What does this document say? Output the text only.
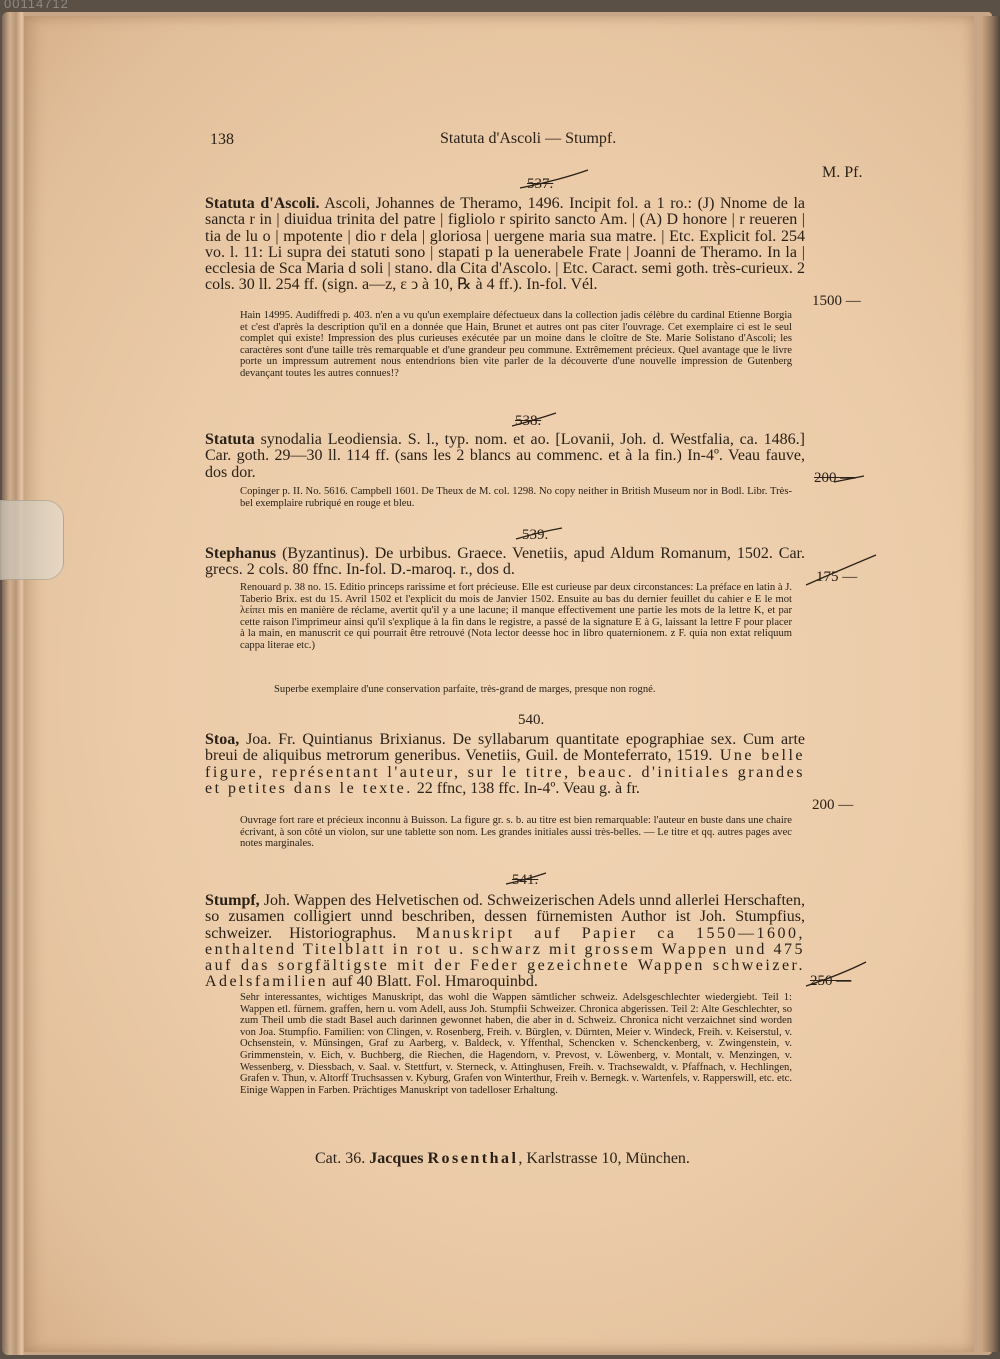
00114712
138	Statuta d'Ascoli — Stumpf.
M. Pf.
537.
Statuta d'Ascoli. Ascoli, Johannes de Theramo, 1496. Incipit fol. a 1 ro.: (J) Nnome de la sancta r in | diuidua trinita del patre | figliolo r spirito sancto Am. | (A) D honore | r reueren | tia de lu o | mpotente | dio r dela | gloriosa | uergene maria sua matre. | Etc. Explicit fol. 254 vo. l. 11: Li supra dei statuti sono | stapati p la uenerabele Frate | Joanni de Theramo. In la | ecclesia de Sca Maria d soli | stano. dla Cita d'Ascolo. | Etc. Caract. semi goth. très-curieux. 2 cols. 30 ll. 254 ff. (sign. a—z, ε ↄ à 10, ℞ à 4 ff.). In-fol. Vél.
Hain 14995. Audiffredi p. 403. n'en a vu qu'un exemplaire défectueux dans la collection jadis célèbre du cardinal Etienne Borgia et c'est d'après la description qu'il en a donnée que Hain, Brunet et autres ont pas citer l'ouvrage. Cet exemplaire ci est le seul complet qui existe! Impression des plus curieuses exécutée par un moine dans le cloître de Ste. Marie Solistano d'Ascoli; les caractères sont d'une taille très remarquable et d'une grandeur peu commune. Extrêmement précieux. Quel avantage que le livre porte un impressum autrement nous entendrions bien vite parler de la découverte d'une nouvelle impression de Gutenberg devançant toutes les autres connues!?
1500 —
538.
Statuta synodalia Leodiensia. S. l., typ. nom. et ao. [Lovanii, Joh. d. Westfalia, ca. 1486.] Car. goth. 29—30 ll. 114 ff. (sans les 2 blancs au commenc. et à la fin.) In-4º. Veau fauve, dos dor.
Copinger p. II. No. 5616. Campbell 1601. De Theux de M. col. 1298. No copy neither in British Museum nor in Bodl. Libr. Très-bel exemplaire rubriqué en rouge et bleu.
200 —
539.
Stephanus (Byzantinus). De urbibus. Graece. Venetiis, apud Aldum Romanum, 1502. Car. grecs. 2 cols. 80 ffnc. In-fol. D.-maroq. r., dos d.
Renouard p. 38 no. 15. Editio princeps rarissime et fort précieuse. Elle est curieuse par deux circonstances: La préface en latin à J. Taberio Brix. est du 15. Avril 1502 et l'explicit du mois de Janvier 1502. Ensuite au bas du dernier feuillet du cahier e E le mot λείπει mis en manière de réclame, avertit qu'il y a une lacune; il manque effectivement une partie les mots de la lettre K, et par cette raison l'imprimeur ainsi qu'il s'explique à la fin dans le registre, a passé de la signature E à G, laissant la lettre F pour placer à la main, en manuscrit ce qui pourrait être retrouvé (Nota lector deesse hoc in libro quaternionem. z F. quia non extat reliquum cappa literae etc.)
Superbe exemplaire d'une conservation parfaite, très-grand de marges, presque non rogné.
175 —
540.
Stoa, Joa. Fr. Quintianus Brixianus. De syllabarum quantitate epographiae sex. Cum arte breui de aliquibus metrorum generibus. Venetiis, Guil. de Monteferrato, 1519. Une belle figure, représentant l'auteur, sur le titre, beauc. d'initiales grandes et petites dans le texte. 22 ffnc, 138 ffc. In-4º. Veau g. à fr.
Ouvrage fort rare et précieux inconnu à Buisson. La figure gr. s. b. au titre est bien remarquable: l'auteur en buste dans une chaire écrivant, à son côté un violon, sur une tablette son nom. Les grandes initiales aussi très-belles. — Le titre et qq. autres pages avec notes marginales.
200 —
541.
Stumpf, Joh. Wappen des Helvetischen od. Schweizerischen Adels unnd allerlei Herschaften, so zusamen colligiert unnd beschriben, dessen fürnemisten Author ist Joh. Stumpfius, schweizer. Historiographus. Manuskript auf Papier ca 1550—1600, enthaltend Titelblatt in rot u. schwarz mit grossem Wappen und 475 auf das sorgfältigste mit der Feder gezeichnete Wappen schweizer. Adelsfamilien auf 40 Blatt. Fol. Hmaroquinbd.
Sehr interessantes, wichtiges Manuskript, das wohl die Wappen sämtlicher schweiz. Adelsgeschlechter wiedergiebt. Teil 1: Wappen etl. fürnem. graffen, hern u. vom Adell, auss Joh. Stumpfii Schweizer. Chronica abgerissen. Teil 2: Alte Geschlechter, so zum Theil umb die stadt Basel auch darinnen gewonnet haben, die aber in d. Schweiz. Chronica nicht verzaichnet sind worden von Joa. Stumpfio. Familien: von Clingen, v. Rosenberg, Freih. v. Bürglen, v. Dürnten, Meier v. Windeck, Freih. v. Keiserstul, v. Ochsenstein, v. Münsingen, Graf zu Aarberg, v. Baldeck, v. Yffenthal, Schencken v. Schenckenberg, v. Zwingenstein, v. Grimmenstein, v. Eich, v. Buchberg, die Riechen, die Hagendorn, v. Prevost, v. Löwenberg, v. Montalt, v. Menzingen, v. Wessenberg, v. Diessbach, v. Saal. v. Stettfurt, v. Sterneck, v. Attinghusen, Freih. v. Trachsewaldt, v. Pfaffnach, v. Hechlingen, Grafen v. Thun, v. Altorff Truchsassen v. Kyburg, Grafen von Winterthur, Freih v. Bernegk. v. Wartenfels, v. Rapperswill, etc. etc. Einige Wappen in Farben. Prächtiges Manuskript von tadelloser Erhaltung.
250 —
Cat. 36. Jacques Rosenthal, Karlstrasse 10, München.
